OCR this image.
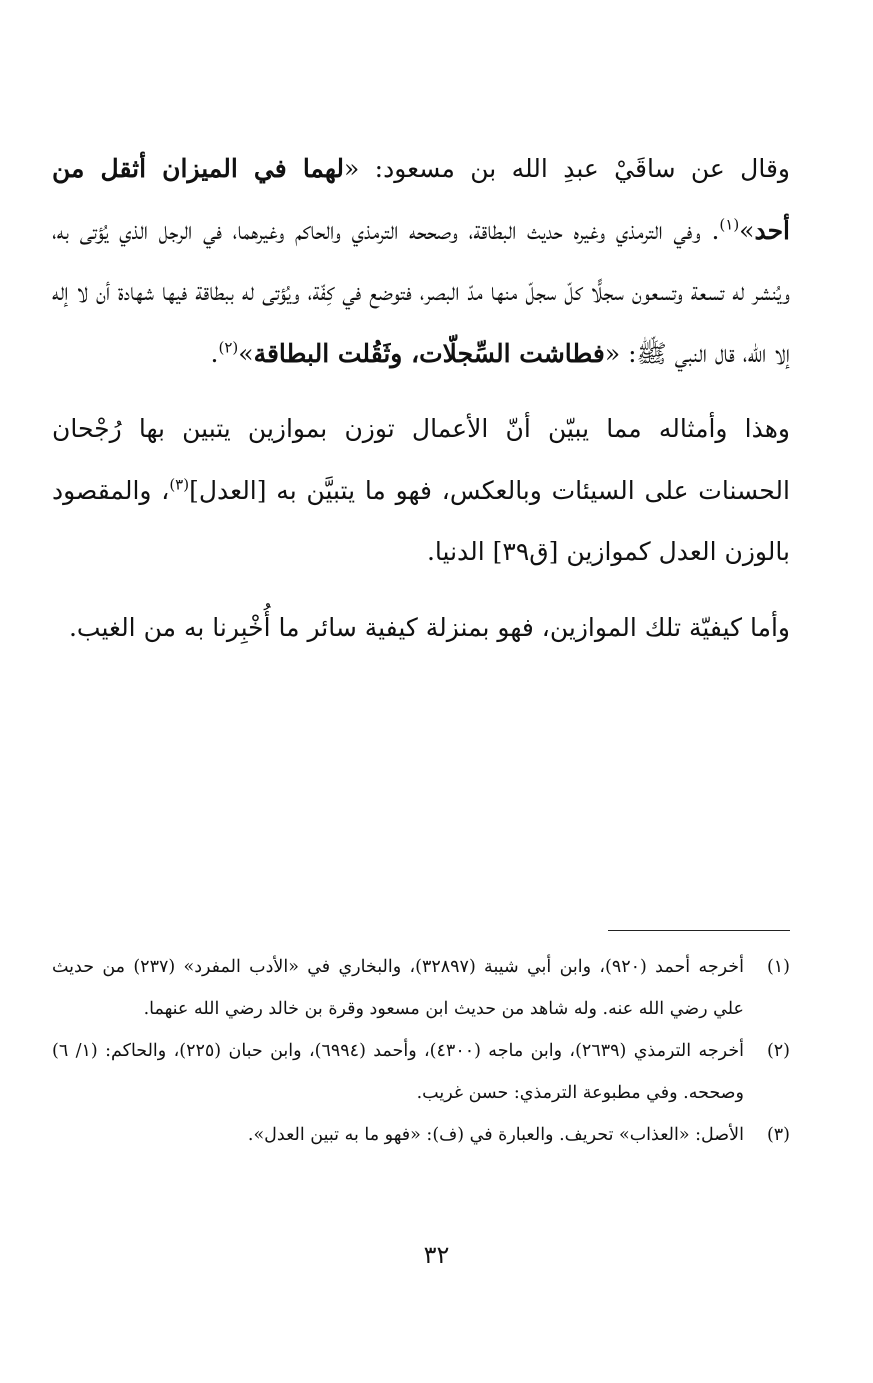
وقال عن ساقَيْ عبدِ الله بن مسعود: «لهما في الميزان أثقل من أحد»$^{(١)}$. وفي الترمذي وغيره حديث البطاقة، وصححه الترمذي والحاكم وغيرهما، في الرجل الذي يُؤتى به، ويُنشر له تسعة وتسعون سجلًّا كلّ سجلّ منها مدّ البصر، فتوضع في كِفّة، ويُؤتى له ببطاقة فيها شهادة أن لا إله إلا الله، قال النبي ﷺ: «فطاشت السِّجلّات، وثَقُلت البطاقة»$^{(٢)}$.

وهذا وأمثاله مما يبيّن أنّ الأعمال توزن بموازين يتبين بها رُجْحان الحسنات على السيئات وبالعكس، فهو ما يتبيَّن به [العدل]$^{(٣)}$، والمقصود بالوزن العدل كموازين [ق٣٩] الدنيا.

وأما كيفيّة تلك الموازين، فهو بمنزلة كيفية سائر ما أُخْبِرنا به من الغيب.

(١)
أخرجه أحمد (٩٢٠)، وابن أبي شيبة (٣٢٨٩٧)، والبخاري في «الأدب المفرد» (٢٣٧) من حديث علي رضي الله عنه. وله شاهد من حديث ابن مسعود وقرة بن خالد رضي الله عنهما.
(٢)
أخرجه الترمذي (٢٦٣٩)، وابن ماجه (٤٣٠٠)، وأحمد (٦٩٩٤)، وابن حبان (٢٢٥)، والحاكم: (١/ ٦) وصححه. وفي مطبوعة الترمذي: حسن غريب.
(٣)
الأصل: «العذاب» تحريف. والعبارة في (ف): «فهو ما به تبين العدل».
٣٢
